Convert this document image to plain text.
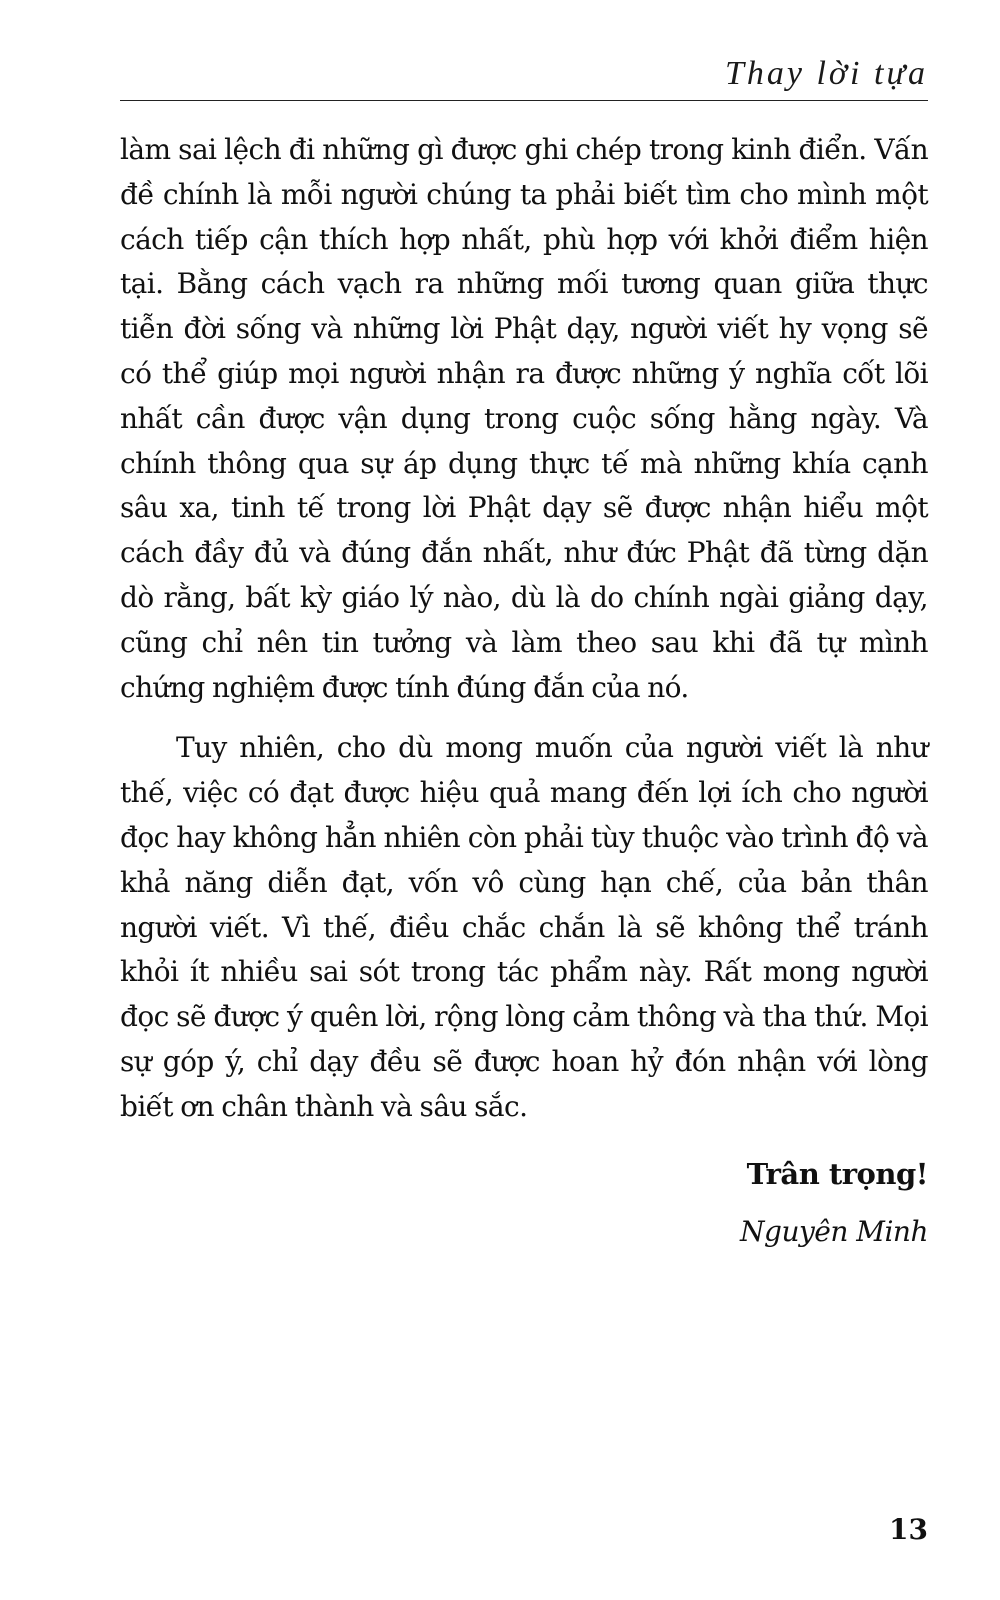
Thay lời tựa

làm sai lệch đi những gì được ghi chép trong kinh điển. Vấn đề chính là mỗi người chúng ta phải biết tìm cho mình một cách tiếp cận thích hợp nhất, phù hợp với khởi điểm hiện tại. Bằng cách vạch ra những mối tương quan giữa thực tiễn đời sống và những lời Phật dạy, người viết hy vọng sẽ có thể giúp mọi người nhận ra được những ý nghĩa cốt lõi nhất cần được vận dụng trong cuộc sống hằng ngày. Và chính thông qua sự áp dụng thực tế mà những khía cạnh sâu xa, tinh tế trong lời Phật dạy sẽ được nhận hiểu một cách đầy đủ và đúng đắn nhất, như đức Phật đã từng dặn dò rằng, bất kỳ giáo lý nào, dù là do chính ngài giảng dạy, cũng chỉ nên tin tưởng và làm theo sau khi đã tự mình chứng nghiệm được tính đúng đắn của nó.

Tuy nhiên, cho dù mong muốn của người viết là như thế, việc có đạt được hiệu quả mang đến lợi ích cho người đọc hay không hẳn nhiên còn phải tùy thuộc vào trình độ và khả năng diễn đạt, vốn vô cùng hạn chế, của bản thân người viết. Vì thế, điều chắc chắn là sẽ không thể tránh khỏi ít nhiều sai sót trong tác phẩm này. Rất mong người đọc sẽ được ý quên lời, rộng lòng cảm thông và tha thứ. Mọi sự góp ý, chỉ dạy đều sẽ được hoan hỷ đón nhận với lòng biết ơn chân thành và sâu sắc.

Trân trọng!
Nguyên Minh
13
